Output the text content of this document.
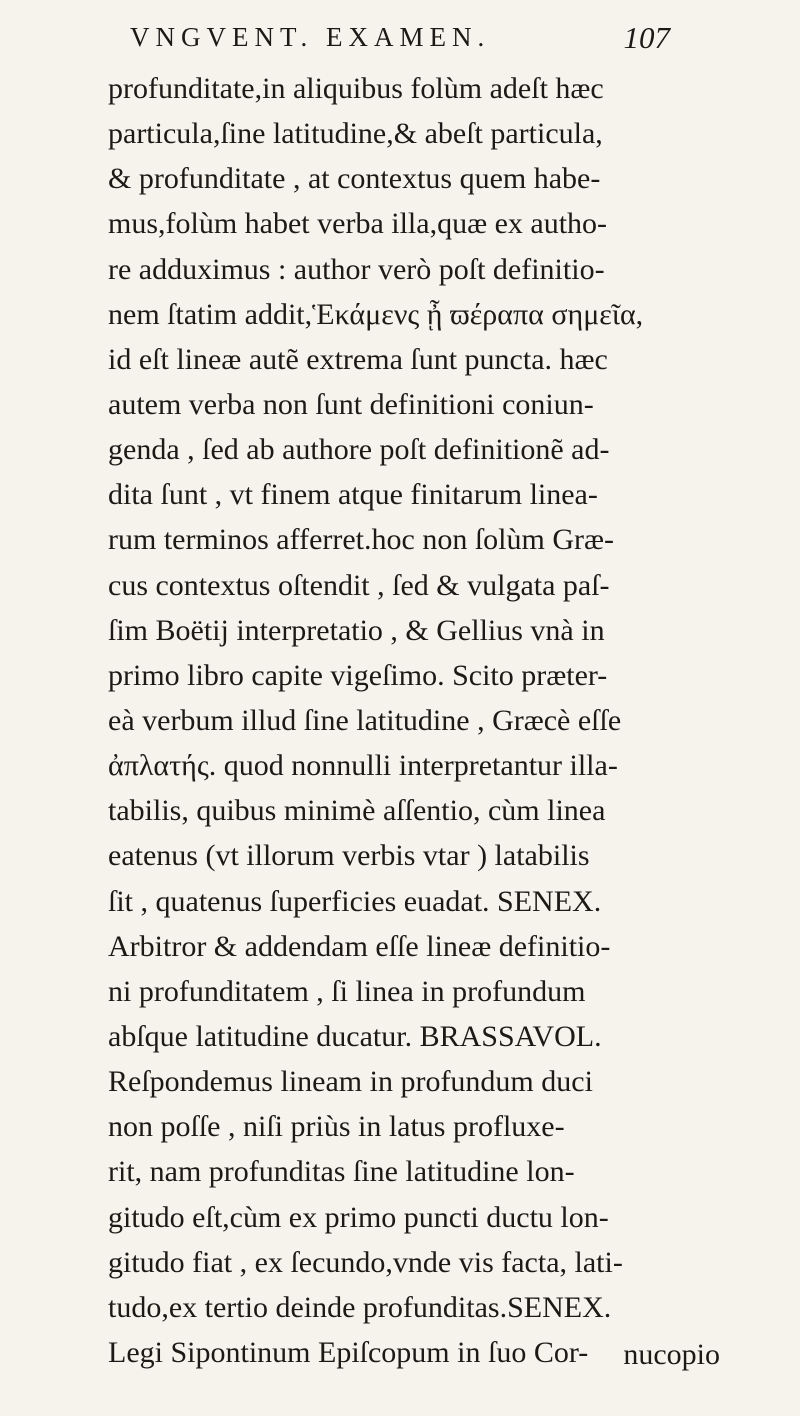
VNGVENT. EXAMEN.	107
profunditate,in aliquibus folùm adeſt hæc
particula,ſine latitudine,& abeſt particula,
& profunditate , at contextus quem habe-
mus,folùm habet verba illa,quæ ex autho-
re adduximus : author verò poſt definitio-
nem ſtatim addit,Ἑκάμενς ᾖ ϖέραπα σημεῖα,
id eſt lineæ autẽ extrema ſunt puncta. hæc
autem verba non ſunt definitioni coniun-
genda , ſed ab authore poſt definitionẽ ad-
dita ſunt , vt finem atque finitarum linea-
rum terminos afferret.hoc non ſolùm Græ-
cus contextus oſtendit , ſed & vulgata paſ-
ſim Boëtij interpretatio , & Gellius vnà in
primo libro capite vigeſimo. Scito præter-
eà verbum illud ſine latitudine , Græcè eſſe
ἀπλατής. quod nonnulli interpretantur illa-
tabilis, quibus minimè aſſentio, cùm linea
eatenus (vt illorum verbis vtar ) latabilis
ſit , quatenus ſuperficies euadat. SENEX.
Arbitror & addendam eſſe lineæ definitio-
ni profunditatem , ſi linea in profundum
abſque latitudine ducatur. BRASSAVOL.
Reſpondemus lineam in profundum duci
non poſſe , niſi priùs in latus profluxe-
rit, nam profunditas ſine latitudine lon-
gitudo eſt,cùm ex primo puncti ductu lon-
gitudo fiat , ex ſecundo,vnde vis facta, lati-
tudo,ex tertio deinde profunditas.SENEX.
Legi Sipontinum Epiſcopum in ſuo Cor-	nucopio
